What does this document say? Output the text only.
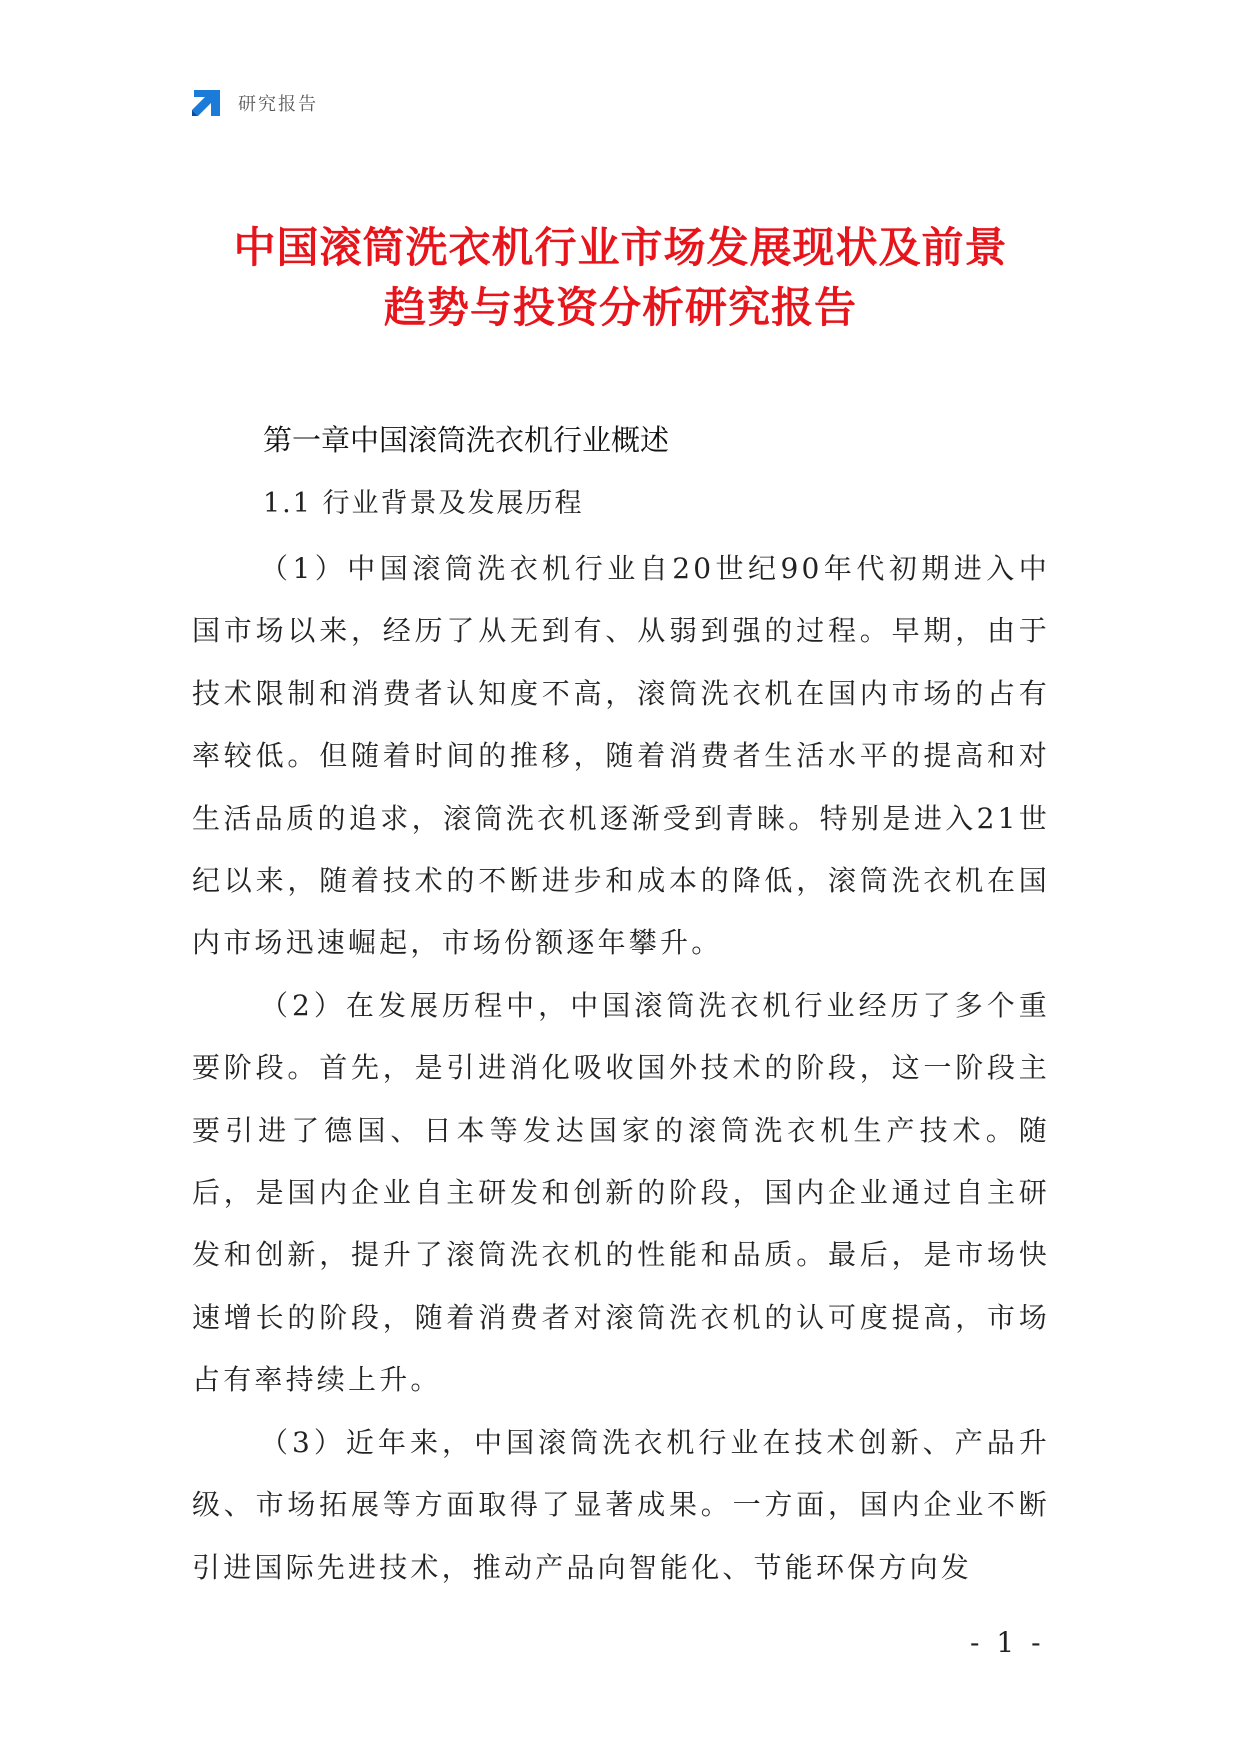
研究报告
中国滚筒洗衣机行业市场发展现状及前景
趋势与投资分析研究报告
第一章中国滚筒洗衣机行业概述
1.1 行业背景及发展历程

（1）中国滚筒洗衣机行业自20世纪90年代初期进入中国市场以来，经历了从无到有、从弱到强的过程。早期，由于技术限制和消费者认知度不高，滚筒洗衣机在国内市场的占有率较低。但随着时间的推移，随着消费者生活水平的提高和对生活品质的追求，滚筒洗衣机逐渐受到青睐。特别是进入21世纪以来，随着技术的不断进步和成本的降低，滚筒洗衣机在国内市场迅速崛起，市场份额逐年攀升。

（2）在发展历程中，中国滚筒洗衣机行业经历了多个重要阶段。首先，是引进消化吸收国外技术的阶段，这一阶段主要引进了德国、日本等发达国家的滚筒洗衣机生产技术。随后，是国内企业自主研发和创新的阶段，国内企业通过自主研发和创新，提升了滚筒洗衣机的性能和品质。最后，是市场快速增长的阶段，随着消费者对滚筒洗衣机的认可度提高，市场占有率持续上升。

（3）近年来，中国滚筒洗衣机行业在技术创新、产品升级、市场拓展等方面取得了显著成果。一方面，国内企业不断引进国际先进技术，推动产品向智能化、节能环保方向发

- 1 -
